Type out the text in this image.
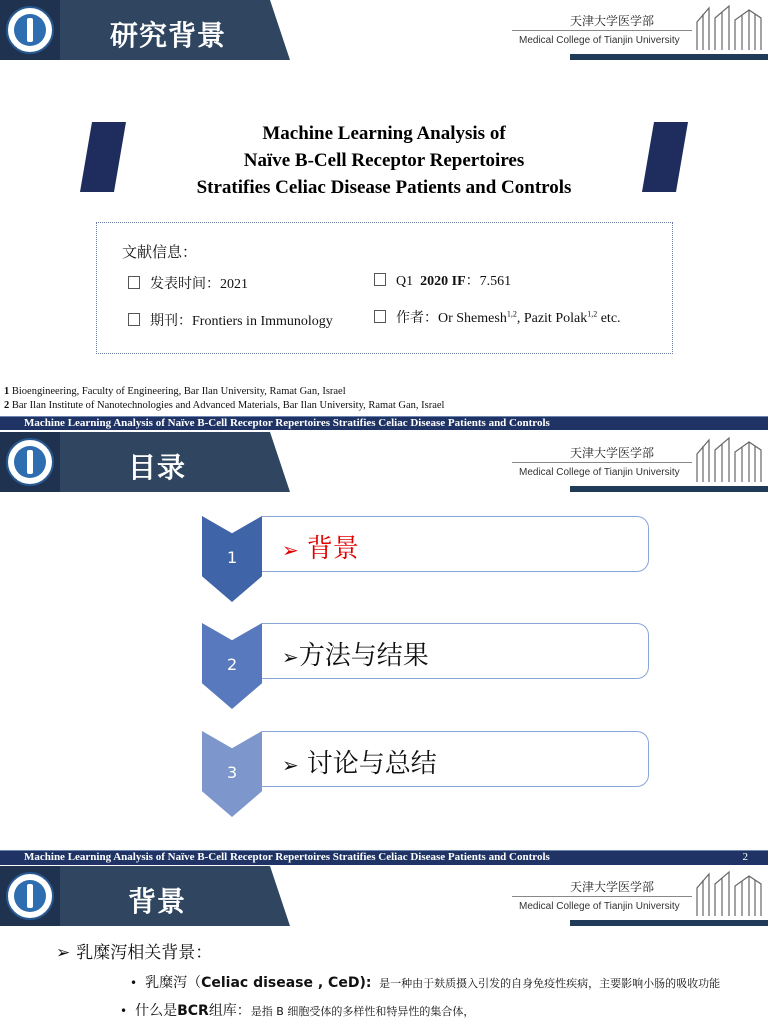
研究背景	天津大学医学部
Medical College of Tianjin University
Machine Learning Analysis of
Naïve B-Cell Receptor Repertoires
Stratifies Celiac Disease Patients and Controls
文献信息：
发表时间：2021	Q1 2020 IF：7.561
期刊：Frontiers in Immunology	作者：Or Shemesh$^{1,2}$, Pazit Polak$^{1,2}$ etc.
1 Bioengineering, Faculty of Engineering, Bar Ilan University, Ramat Gan, Israel
2 Bar Ilan Institute of Nanotechnologies and Advanced Materials, Bar Ilan University, Ramat Gan, Israel
Machine Learning Analysis of Naïve B-Cell Receptor Repertoires Stratifies Celiac Disease Patients and Controls
目录	天津大学医学部
Medical College of Tianjin University
1 ➢ 背景
2 ➢方法与结果
3 ➢ 讨论与总结
Machine Learning Analysis of Naïve B-Cell Receptor Repertoires Stratifies Celiac Disease Patients and Controls	2
背景	天津大学医学部
Medical College of Tianjin University
➢ 乳糜泻相关背景：
• 乳糜泻（Celiac disease , CeD): 是一种由于麸质摄入引发的自身免疫性疾病，主要影响小肠的吸收功能
• 什么是BCR组库：是指 B 细胞受体的多样性和特异性的集合体，
